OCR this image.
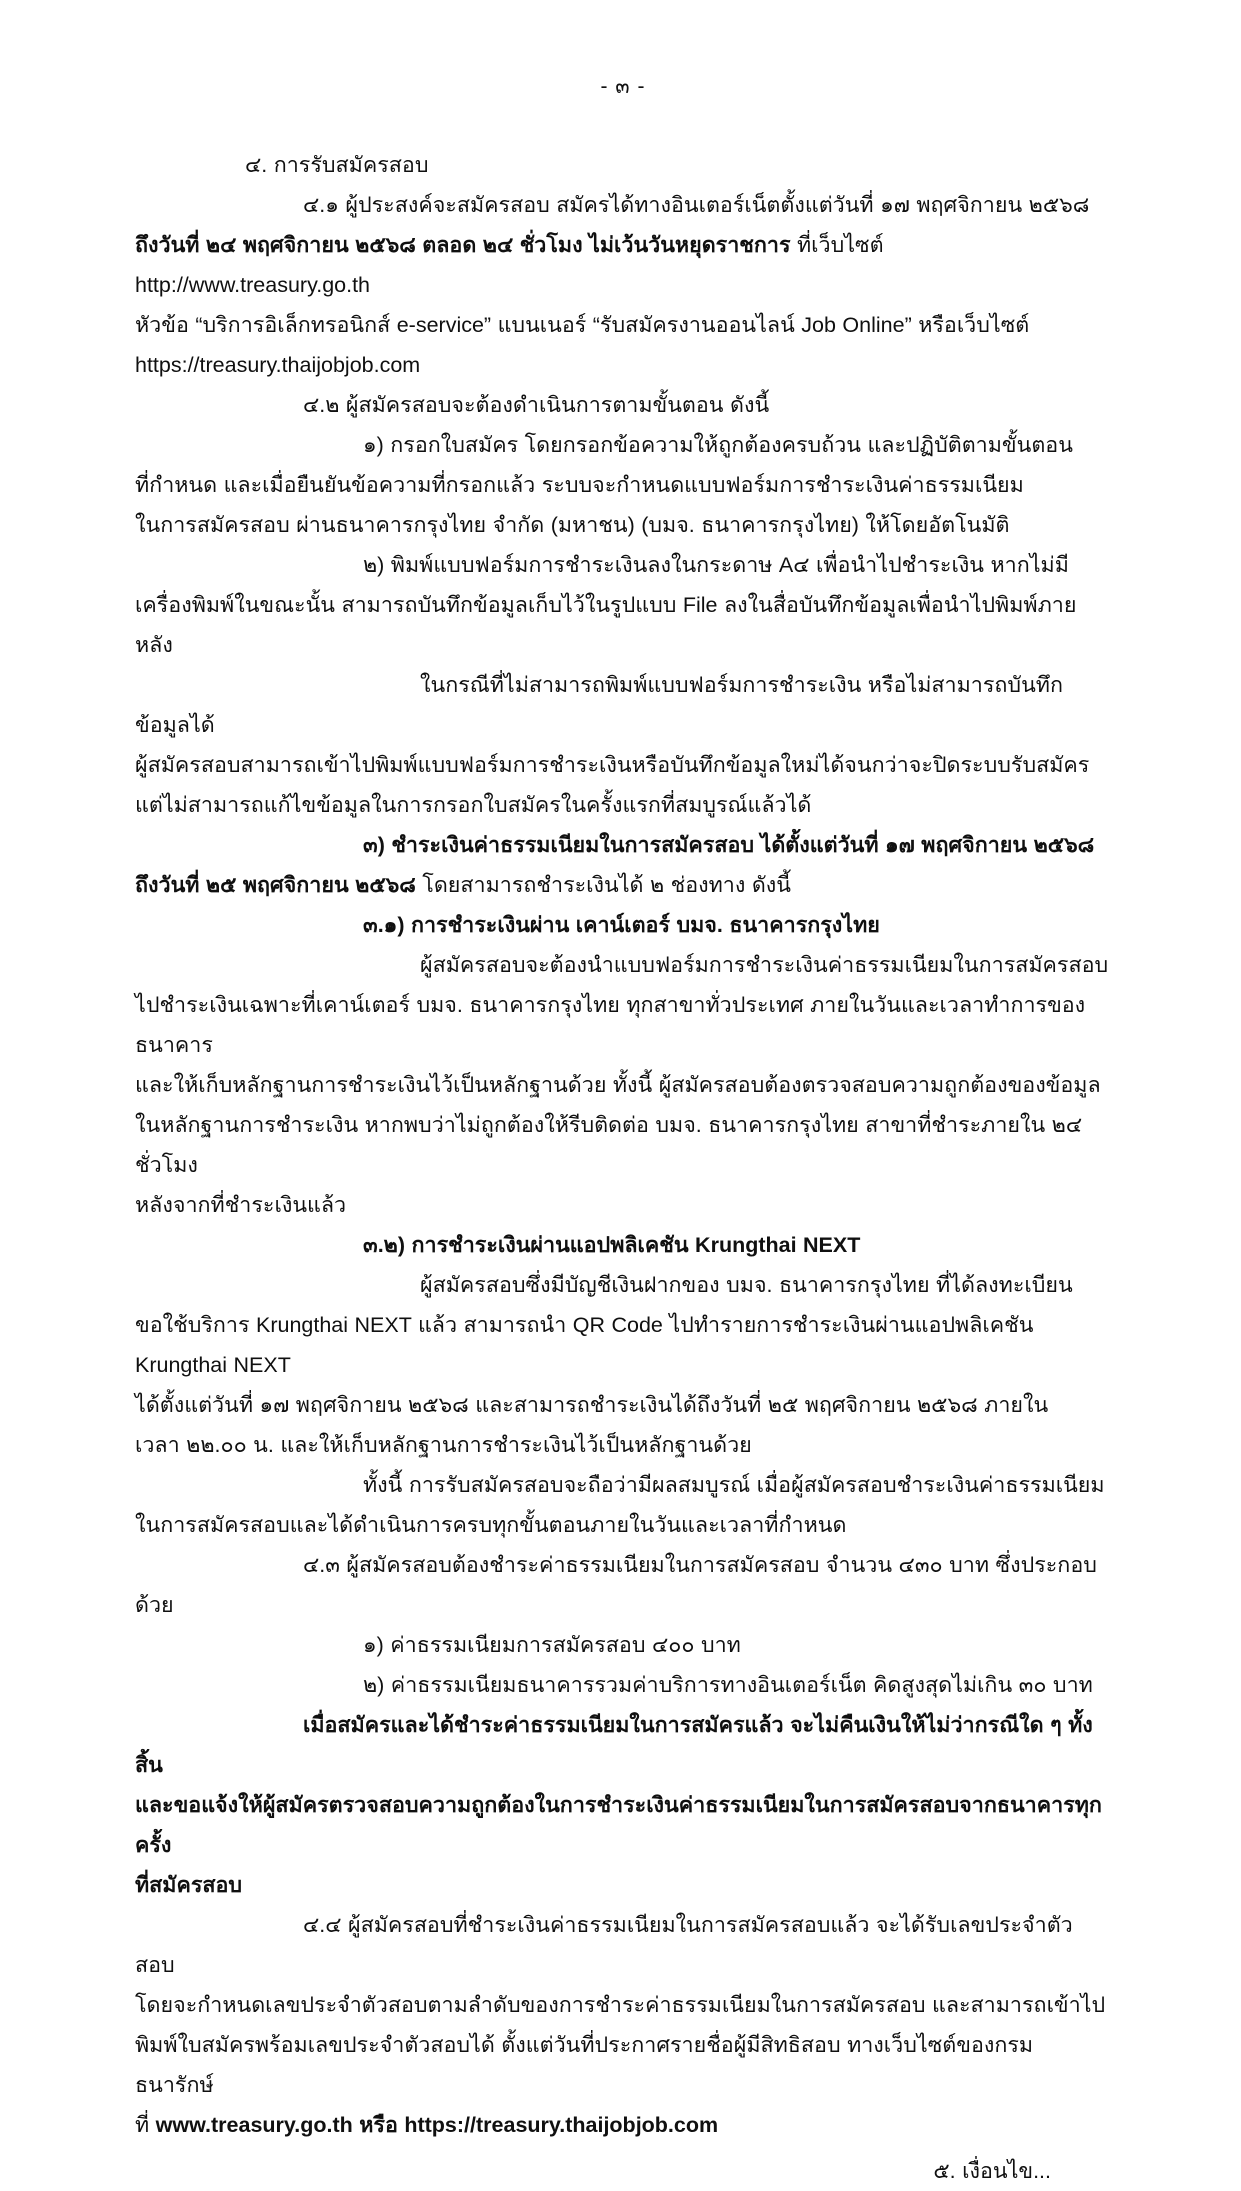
- ๓ -

๔. การรับสมัครสอบ

๔.๑ ผู้ประสงค์จะสมัครสอบ สมัครได้ทางอินเตอร์เน็ตตั้งแต่วันที่ ๑๗ พฤศจิกายน ๒๕๖๘

ถึงวันที่ ๒๔ พฤศจิกายน ๒๕๖๘ ตลอด ๒๔ ชั่วโมง ไม่เว้นวันหยุดราชการ ที่เว็บไซต์ http://www.treasury.go.th

หัวข้อ “บริการอิเล็กทรอนิกส์ e-service” แบนเนอร์ “รับสมัครงานออนไลน์ Job Online” หรือเว็บไซต์

https://treasury.thaijobjob.com

๔.๒ ผู้สมัครสอบจะต้องดำเนินการตามขั้นตอน ดังนี้

๑) กรอกใบสมัคร โดยกรอกข้อความให้ถูกต้องครบถ้วน และปฏิบัติตามขั้นตอน

ที่กำหนด และเมื่อยืนยันข้อความที่กรอกแล้ว ระบบจะกำหนดแบบฟอร์มการชำระเงินค่าธรรมเนียม

ในการสมัครสอบ ผ่านธนาคารกรุงไทย จำกัด (มหาชน) (บมจ. ธนาคารกรุงไทย) ให้โดยอัตโนมัติ

๒) พิมพ์แบบฟอร์มการชำระเงินลงในกระดาษ A๔ เพื่อนำไปชำระเงิน หากไม่มี

เครื่องพิมพ์ในขณะนั้น สามารถบันทึกข้อมูลเก็บไว้ในรูปแบบ File ลงในสื่อบันทึกข้อมูลเพื่อนำไปพิมพ์ภายหลัง

ในกรณีที่ไม่สามารถพิมพ์แบบฟอร์มการชำระเงิน หรือไม่สามารถบันทึกข้อมูลได้

ผู้สมัครสอบสามารถเข้าไปพิมพ์แบบฟอร์มการชำระเงินหรือบันทึกข้อมูลใหม่ได้จนกว่าจะปิดระบบรับสมัคร

แต่ไม่สามารถแก้ไขข้อมูลในการกรอกใบสมัครในครั้งแรกที่สมบูรณ์แล้วได้

๓) ชำระเงินค่าธรรมเนียมในการสมัครสอบ ได้ตั้งแต่วันที่ ๑๗ พฤศจิกายน ๒๕๖๘

ถึงวันที่ ๒๕ พฤศจิกายน ๒๕๖๘ โดยสามารถชำระเงินได้ ๒ ช่องทาง ดังนี้

๓.๑) การชำระเงินผ่าน เคาน์เตอร์ บมจ. ธนาคารกรุงไทย

ผู้สมัครสอบจะต้องนำแบบฟอร์มการชำระเงินค่าธรรมเนียมในการสมัครสอบ

ไปชำระเงินเฉพาะที่เคาน์เตอร์ บมจ. ธนาคารกรุงไทย ทุกสาขาทั่วประเทศ ภายในวันและเวลาทำการของธนาคาร

และให้เก็บหลักฐานการชำระเงินไว้เป็นหลักฐานด้วย ทั้งนี้ ผู้สมัครสอบต้องตรวจสอบความถูกต้องของข้อมูล

ในหลักฐานการชำระเงิน หากพบว่าไม่ถูกต้องให้รีบติดต่อ บมจ. ธนาคารกรุงไทย สาขาที่ชำระภายใน ๒๔ ชั่วโมง

หลังจากที่ชำระเงินแล้ว

๓.๒) การชำระเงินผ่านแอปพลิเคชัน Krungthai NEXT

ผู้สมัครสอบซึ่งมีบัญชีเงินฝากของ บมจ. ธนาคารกรุงไทย ที่ได้ลงทะเบียน

ขอใช้บริการ Krungthai NEXT แล้ว สามารถนำ QR Code ไปทำรายการชำระเงินผ่านแอปพลิเคชัน Krungthai NEXT

ได้ตั้งแต่วันที่ ๑๗ พฤศจิกายน ๒๕๖๘ และสามารถชำระเงินได้ถึงวันที่ ๒๕ พฤศจิกายน ๒๕๖๘ ภายใน

เวลา ๒๒.๐๐ น. และให้เก็บหลักฐานการชำระเงินไว้เป็นหลักฐานด้วย

ทั้งนี้ การรับสมัครสอบจะถือว่ามีผลสมบูรณ์ เมื่อผู้สมัครสอบชำระเงินค่าธรรมเนียม

ในการสมัครสอบและได้ดำเนินการครบทุกขั้นตอนภายในวันและเวลาที่กำหนด

๔.๓ ผู้สมัครสอบต้องชำระค่าธรรมเนียมในการสมัครสอบ จำนวน ๔๓๐ บาท ซึ่งประกอบด้วย

๑) ค่าธรรมเนียมการสมัครสอบ ๔๐๐ บาท

๒) ค่าธรรมเนียมธนาคารรวมค่าบริการทางอินเตอร์เน็ต คิดสูงสุดไม่เกิน ๓๐ บาท

เมื่อสมัครและได้ชำระค่าธรรมเนียมในการสมัครแล้ว จะไม่คืนเงินให้ไม่ว่ากรณีใด ๆ ทั้งสิ้น

และขอแจ้งให้ผู้สมัครตรวจสอบความถูกต้องในการชำระเงินค่าธรรมเนียมในการสมัครสอบจากธนาคารทุกครั้ง

ที่สมัครสอบ

๔.๔ ผู้สมัครสอบที่ชำระเงินค่าธรรมเนียมในการสมัครสอบแล้ว จะได้รับเลขประจำตัวสอบ

โดยจะกำหนดเลขประจำตัวสอบตามลำดับของการชำระค่าธรรมเนียมในการสมัครสอบ และสามารถเข้าไป

พิมพ์ใบสมัครพร้อมเลขประจำตัวสอบได้ ตั้งแต่วันที่ประกาศรายชื่อผู้มีสิทธิสอบ ทางเว็บไซต์ของกรมธนารักษ์

ที่ www.treasury.go.th หรือ https://treasury.thaijobjob.com

๕. เงื่อนไข...
